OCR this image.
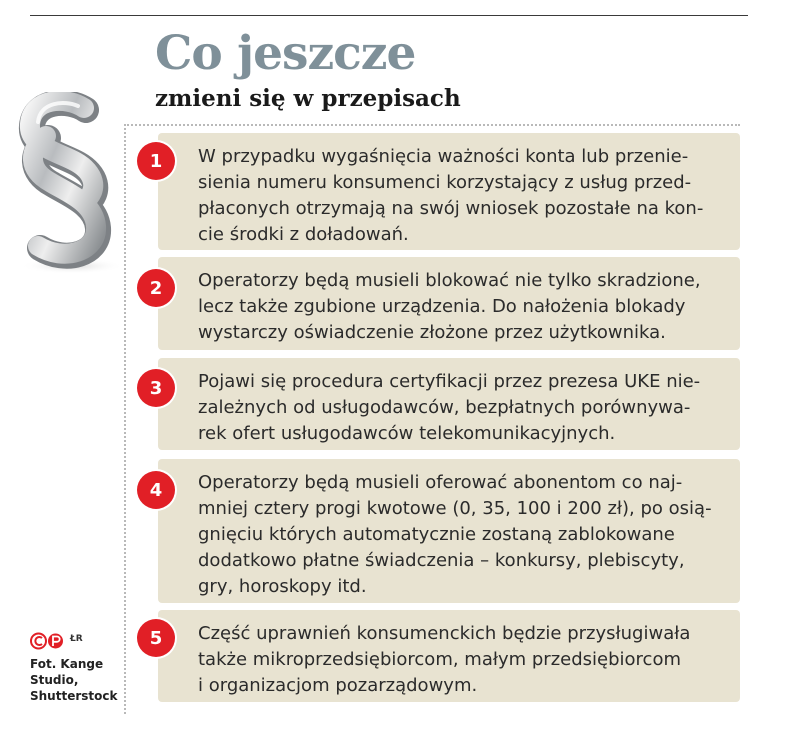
Co jeszcze
zmieni się w przepisach
W przypadku wygaśnięcia ważności konta lub przenie-
sienia numeru konsumenci korzystający z usług przed-
płaconych otrzymają na swój wniosek pozostałe na kon-
cie środki z doładowań.
1
Operatorzy będą musieli blokować nie tylko skradzione,
lecz także zgubione urządzenia. Do nałożenia blokady
wystarczy oświadczenie złożone przez użytkownika.
2
Pojawi się procedura certyfikacji przez prezesa UKE nie-
zależnych od usługodawców, bezpłatnych porównywa-
rek ofert usługodawców telekomunikacyjnych.
3
Operatorzy będą musieli oferować abonentom co naj-
mniej cztery progi kwotowe (0, 35, 100 i 200 zł), po osią-
gnięciu których automatycznie zostaną zablokowane
dodatkowo płatne świadczenia – konkursy, plebiscyty,
gry, horoskopy itd.
4
Część uprawnień konsumenckich będzie przysługiwała
także mikroprzedsiębiorcom, małym przedsiębiorcom
i organizacjom pozarządowym.
5
ŁR
Fot. Kange
Studio,
Shutterstock
